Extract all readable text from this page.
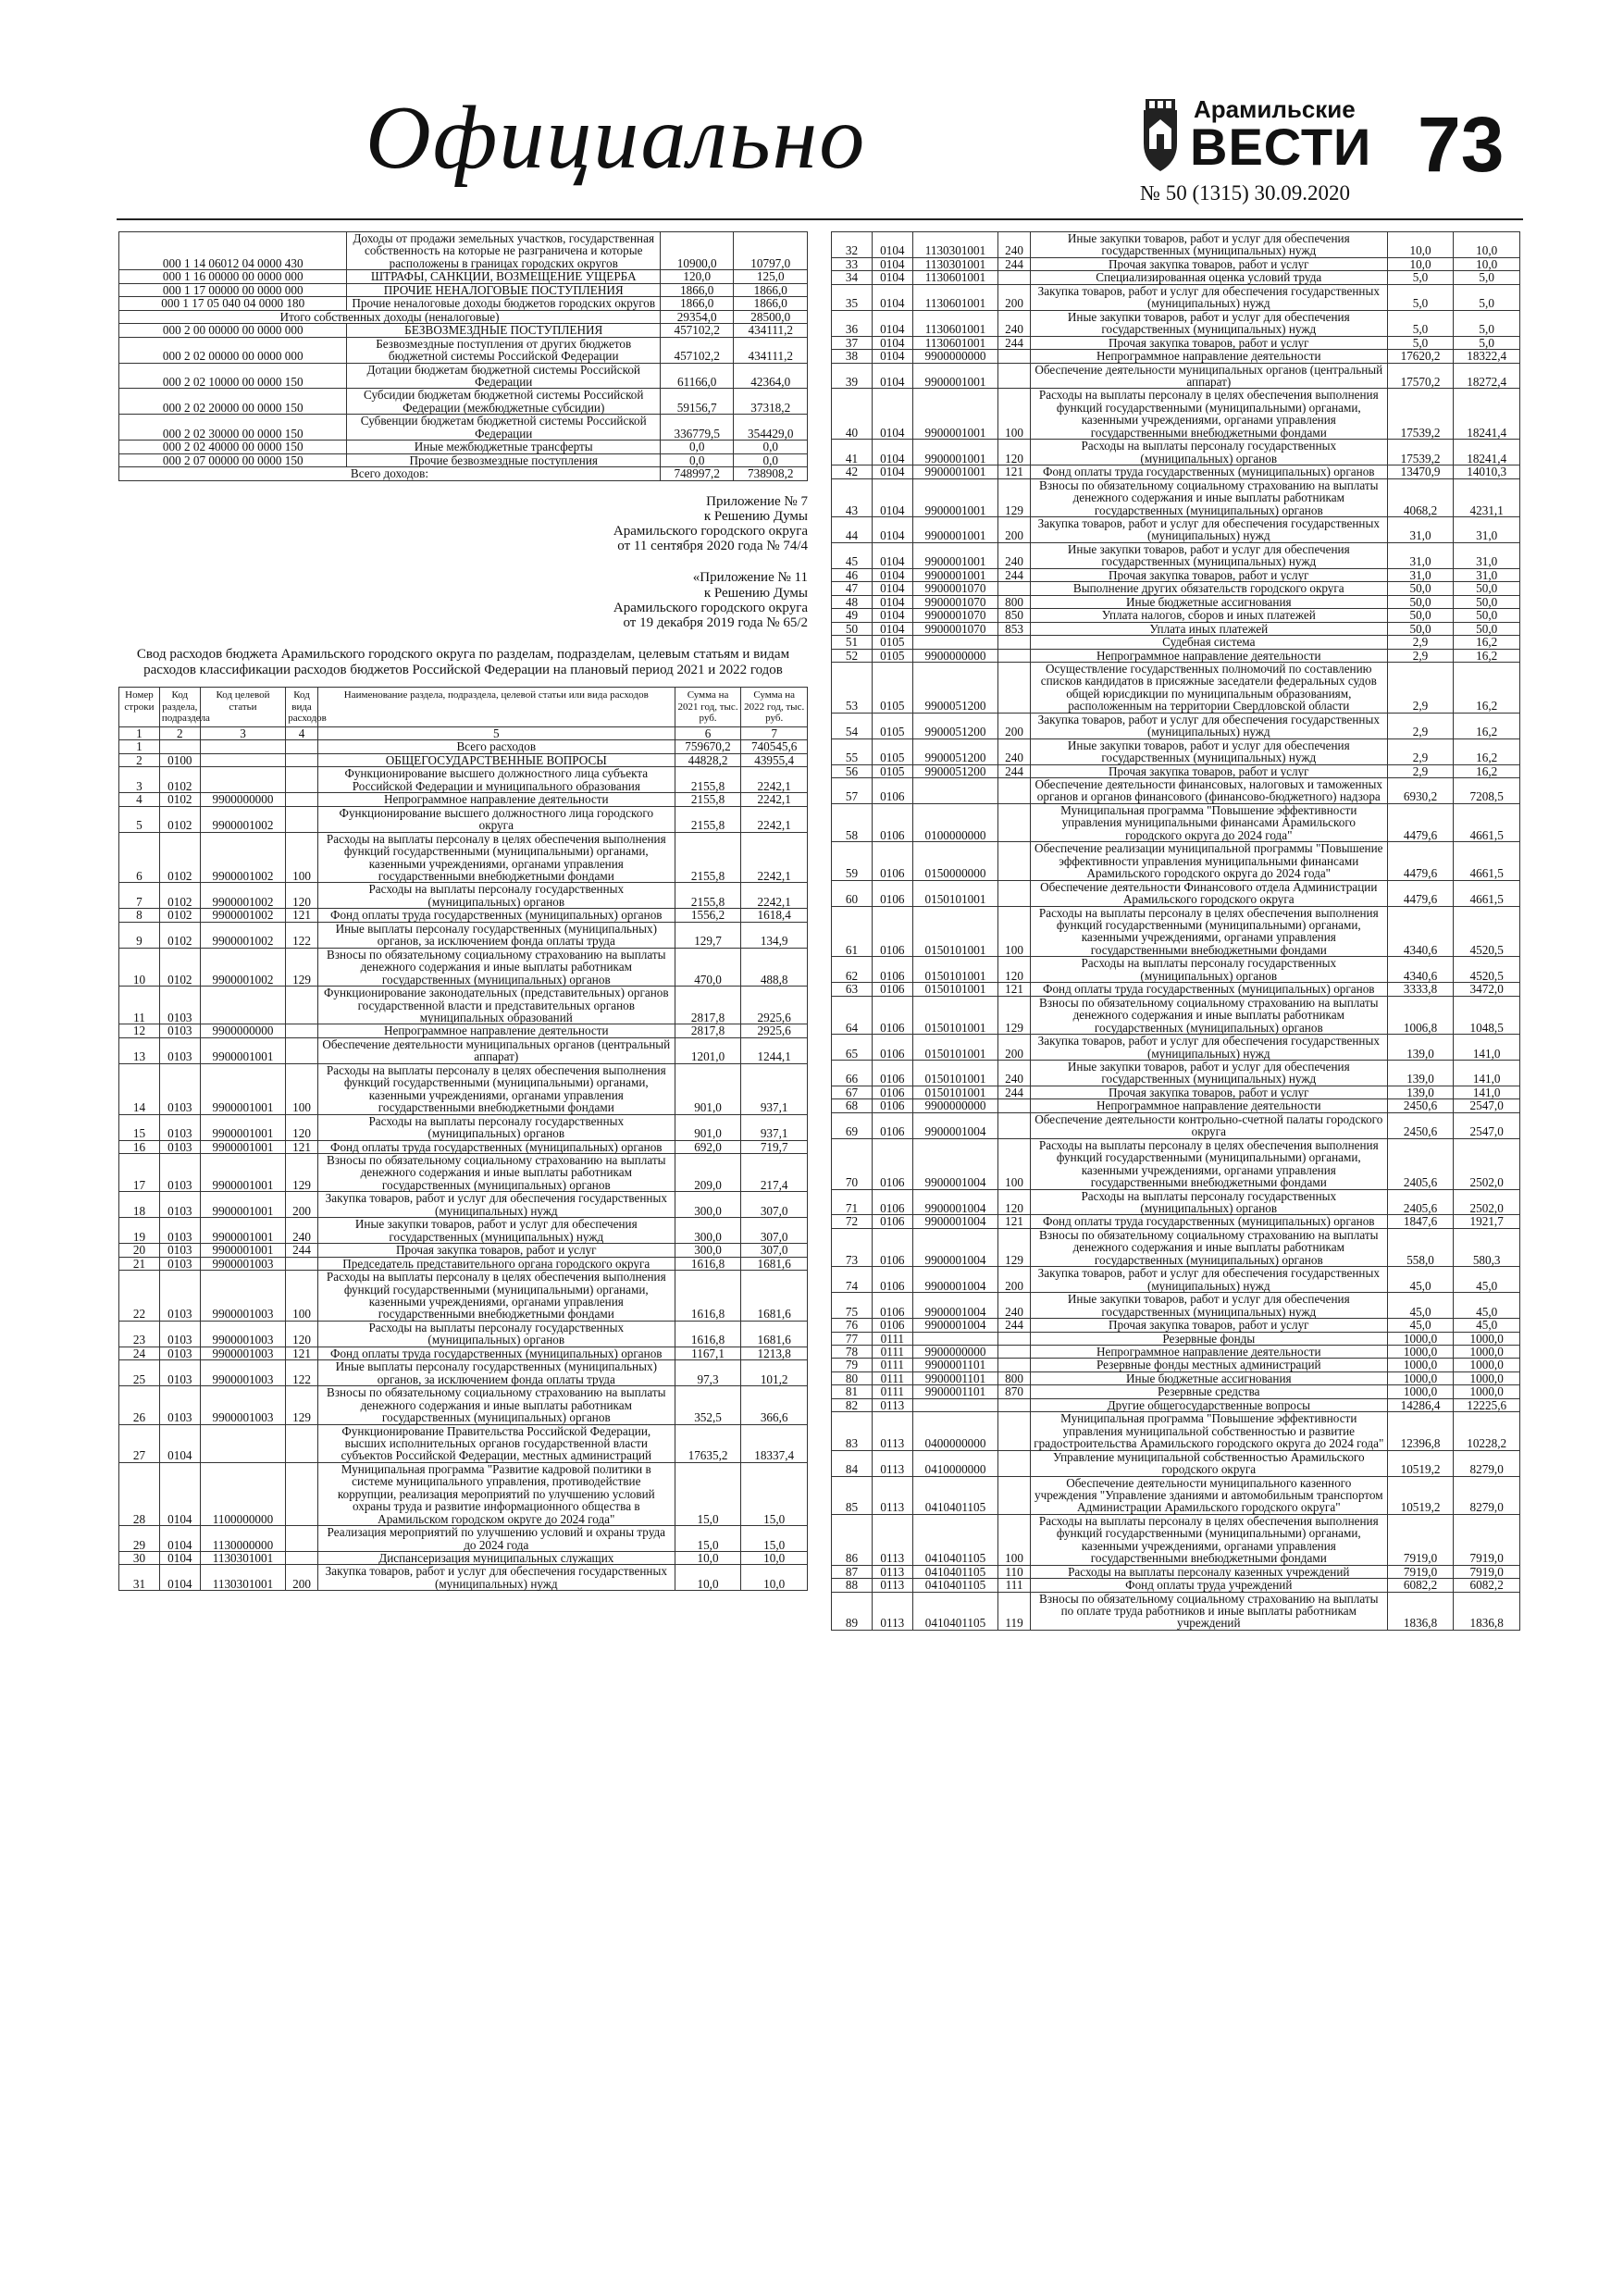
Официально	Арамильские
ВЕСТИ 73
№ 50 (1315) 30.09.2020
000 1 14 06012 04 0000 430	Доходы от продажи земельных участков, государственная собственность на которые не разграничена и которые расположены в границах городских округов	10900,0	10797,0
000 1 16 00000 00 0000 000	ШТРАФЫ, САНКЦИИ, ВОЗМЕЩЕНИЕ УЩЕРБА	120,0	125,0
000 1 17 00000 00 0000 000	ПРОЧИЕ НЕНАЛОГОВЫЕ ПОСТУПЛЕНИЯ	1866,0	1866,0
000 1 17 05 040 04 0000 180	Прочие неналоговые доходы бюджетов городских округов	1866,0	1866,0
Итого собственных доходы (неналоговые)		29354,0	28500,0
000 2 00 00000 00 0000 000	БЕЗВОЗМЕЗДНЫЕ ПОСТУПЛЕНИЯ	457102,2	434111,2
000 2 02 00000 00 0000 000	Безвозмездные поступления от других бюджетов бюджетной системы Российской Федерации	457102,2	434111,2
000 2 02 10000 00 0000 150	Дотации бюджетам бюджетной системы Российской Федерации	61166,0	42364,0
000 2 02 20000 00 0000 150	Субсидии бюджетам бюджетной системы Российской Федерации (межбюджетные субсидии)	59156,7	37318,2
000 2 02 30000 00 0000 150	Субвенции бюджетам бюджетной системы Российской Федерации	336779,5	354429,0
000 2 02 40000 00 0000 150	Иные межбюджетные трансферты	0,0	0,0
000 2 07 00000 00 0000 150	Прочие безвозмездные поступления	0,0	0,0
Всего доходов:		748997,2	738908,2

Приложение № 7

к Решению Думы

Арамильского городского округа

от 11 сентября 2020 года № 74/4

«Приложение № 11

к Решению Думы

Арамильского городского округа

от 19 декабря 2019 года № 65/2

Свод расходов бюджета Арамильского городского округа по разделам, подразделам, целевым статьям и видам расходов классификации расходов бюджетов Российской Федерации на плановый период 2021 и 2022 годов
Номер строки	Код раздела, подраздела	Код целевой статьи	Код вида расходов	Наименование раздела, подраздела, целевой статьи или вида расходов	Сумма на 2021 год, тыс. руб.	Сумма на 2022 год, тыс. руб.
1	2	3	4	5	6	7
1				Всего расходов	759670,2	740545,6
2	0100			ОБЩЕГОСУДАРСТВЕННЫЕ ВОПРОСЫ	44828,2	43955,4
3	0102			Функционирование высшего должностного лица субъекта Российской Федерации и муниципального образования	2155,8	2242,1
4	0102	9900000000		Непрограммное направление деятельности	2155,8	2242,1
5	0102	9900001002		Функционирование высшего должностного лица городского округа	2155,8	2242,1
6	0102	9900001002	100	Расходы на выплаты персоналу в целях обеспечения выполнения функций государственными (муниципальными) органами, казенными учреждениями, органами управления государственными внебюджетными фондами	2155,8	2242,1
7	0102	9900001002	120	Расходы на выплаты персоналу государственных (муниципальных) органов	2155,8	2242,1
8	0102	9900001002	121	Фонд оплаты труда государственных (муниципальных) органов	1556,2	1618,4
9	0102	9900001002	122	Иные выплаты персоналу государственных (муниципальных) органов, за исключением фонда оплаты труда	129,7	134,9
10	0102	9900001002	129	Взносы по обязательному социальному страхованию на выплаты денежного содержания и иные выплаты работникам государственных (муниципальных) органов	470,0	488,8
11	0103			Функционирование законодательных (представительных) органов государственной власти и представительных органов муниципальных образований	2817,8	2925,6
12	0103	9900000000		Непрограммное направление деятельности	2817,8	2925,6
13	0103	9900001001		Обеспечение деятельности муниципальных органов (центральный аппарат)	1201,0	1244,1
14	0103	9900001001	100	Расходы на выплаты персоналу в целях обеспечения выполнения функций государственными (муниципальными) органами, казенными учреждениями, органами управления государственными внебюджетными фондами	901,0	937,1
15	0103	9900001001	120	Расходы на выплаты персоналу государственных (муниципальных) органов	901,0	937,1
16	0103	9900001001	121	Фонд оплаты труда государственных (муниципальных) органов	692,0	719,7
17	0103	9900001001	129	Взносы по обязательному социальному страхованию на выплаты денежного содержания и иные выплаты работникам государственных (муниципальных) органов	209,0	217,4
18	0103	9900001001	200	Закупка товаров, работ и услуг для обеспечения государственных (муниципальных) нужд	300,0	307,0
19	0103	9900001001	240	Иные закупки товаров, работ и услуг для обеспечения государственных (муниципальных) нужд	300,0	307,0
20	0103	9900001001	244	Прочая закупка товаров, работ и услуг	300,0	307,0
21	0103	9900001003		Председатель представительного органа городского округа	1616,8	1681,6
22	0103	9900001003	100	Расходы на выплаты персоналу в целях обеспечения выполнения функций государственными (муниципальными) органами, казенными учреждениями, органами управления государственными внебюджетными фондами	1616,8	1681,6
23	0103	9900001003	120	Расходы на выплаты персоналу государственных (муниципальных) органов	1616,8	1681,6
24	0103	9900001003	121	Фонд оплаты труда государственных (муниципальных) органов	1167,1	1213,8
25	0103	9900001003	122	Иные выплаты персоналу государственных (муниципальных) органов, за исключением фонда оплаты труда	97,3	101,2
26	0103	9900001003	129	Взносы по обязательному социальному страхованию на выплаты денежного содержания и иные выплаты работникам государственных (муниципальных) органов	352,5	366,6
27	0104			Функционирование Правительства Российской Федерации, высших исполнительных органов государственной власти субъектов Российской Федерации, местных администраций	17635,2	18337,4
28	0104	1100000000		Муниципальная программа "Развитие кадровой политики в системе муниципального управления, противодействие коррупции, реализация мероприятий по улучшению условий охраны труда и развитие информационного общества в Арамильском городском округе до 2024 года"	15,0	15,0
29	0104	1130000000		Реализация мероприятий по улучшению условий и охраны труда до 2024 года	15,0	15,0
30	0104	1130301001		Диспансеризация муниципальных служащих	10,0	10,0
31	0104	1130301001	200	Закупка товаров, работ и услуг для обеспечения государственных (муниципальных) нужд	10,0	10,0
32	0104	1130301001	240	Иные закупки товаров, работ и услуг для обеспечения государственных (муниципальных) нужд	10,0	10,0
33	0104	1130301001	244	Прочая закупка товаров, работ и услуг	10,0	10,0
34	0104	1130601001		Специализированная оценка условий труда	5,0	5,0
35	0104	1130601001	200	Закупка товаров, работ и услуг для обеспечения государственных (муниципальных) нужд	5,0	5,0
36	0104	1130601001	240	Иные закупки товаров, работ и услуг для обеспечения государственных (муниципальных) нужд	5,0	5,0
37	0104	1130601001	244	Прочая закупка товаров, работ и услуг	5,0	5,0
38	0104	9900000000		Непрограммное направление деятельности	17620,2	18322,4
39	0104	9900001001		Обеспечение деятельности муниципальных органов (центральный аппарат)	17570,2	18272,4
40	0104	9900001001	100	Расходы на выплаты персоналу в целях обеспечения выполнения функций государственными (муниципальными) органами, казенными учреждениями, органами управления государственными внебюджетными фондами	17539,2	18241,4
41	0104	9900001001	120	Расходы на выплаты персоналу государственных (муниципальных) органов	17539,2	18241,4
42	0104	9900001001	121	Фонд оплаты труда государственных (муниципальных) органов	13470,9	14010,3
43	0104	9900001001	129	Взносы по обязательному социальному страхованию на выплаты денежного содержания и иные выплаты работникам государственных (муниципальных) органов	4068,2	4231,1
44	0104	9900001001	200	Закупка товаров, работ и услуг для обеспечения государственных (муниципальных) нужд	31,0	31,0
45	0104	9900001001	240	Иные закупки товаров, работ и услуг для обеспечения государственных (муниципальных) нужд	31,0	31,0
46	0104	9900001001	244	Прочая закупка товаров, работ и услуг	31,0	31,0
47	0104	9900001070		Выполнение других обязательств городского округа	50,0	50,0
48	0104	9900001070	800	Иные бюджетные ассигнования	50,0	50,0
49	0104	9900001070	850	Уплата налогов, сборов и иных платежей	50,0	50,0
50	0104	9900001070	853	Уплата иных платежей	50,0	50,0
51	0105			Судебная система	2,9	16,2
52	0105	9900000000		Непрограммное направление деятельности	2,9	16,2
53	0105	9900051200		Осуществление государственных полномочий по составлению списков кандидатов в присяжные заседатели федеральных судов общей юрисдикции по муниципальным образованиям, расположенным на территории Свердловской области	2,9	16,2
54	0105	9900051200	200	Закупка товаров, работ и услуг для обеспечения государственных (муниципальных) нужд	2,9	16,2
55	0105	9900051200	240	Иные закупки товаров, работ и услуг для обеспечения государственных (муниципальных) нужд	2,9	16,2
56	0105	9900051200	244	Прочая закупка товаров, работ и услуг	2,9	16,2
57	0106			Обеспечение деятельности финансовых, налоговых и таможенных органов и органов финансового (финансово-бюджетного) надзора	6930,2	7208,5
58	0106	0100000000		Муниципальная программа "Повышение эффективности управления муниципальными финансами Арамильского городского округа до 2024 года"	4479,6	4661,5
59	0106	0150000000		Обеспечение реализации муниципальной программы "Повышение эффективности управления муниципальными финансами Арамильского городского округа до 2024 года"	4479,6	4661,5
60	0106	0150101001		Обеспечение деятельности Финансового отдела Администрации Арамильского городского округа	4479,6	4661,5
61	0106	0150101001	100	Расходы на выплаты персоналу в целях обеспечения выполнения функций государственными (муниципальными) органами, казенными учреждениями, органами управления государственными внебюджетными фондами	4340,6	4520,5
62	0106	0150101001	120	Расходы на выплаты персоналу государственных (муниципальных) органов	4340,6	4520,5
63	0106	0150101001	121	Фонд оплаты труда государственных (муниципальных) органов	3333,8	3472,0
64	0106	0150101001	129	Взносы по обязательному социальному страхованию на выплаты денежного содержания и иные выплаты работникам государственных (муниципальных) органов	1006,8	1048,5
65	0106	0150101001	200	Закупка товаров, работ и услуг для обеспечения государственных (муниципальных) нужд	139,0	141,0
66	0106	0150101001	240	Иные закупки товаров, работ и услуг для обеспечения государственных (муниципальных) нужд	139,0	141,0
67	0106	0150101001	244	Прочая закупка товаров, работ и услуг	139,0	141,0
68	0106	9900000000		Непрограммное направление деятельности	2450,6	2547,0
69	0106	9900001004		Обеспечение деятельности контрольно-счетной палаты городского округа	2450,6	2547,0
70	0106	9900001004	100	Расходы на выплаты персоналу в целях обеспечения выполнения функций государственными (муниципальными) органами, казенными учреждениями, органами управления государственными внебюджетными фондами	2405,6	2502,0
71	0106	9900001004	120	Расходы на выплаты персоналу государственных (муниципальных) органов	2405,6	2502,0
72	0106	9900001004	121	Фонд оплаты труда государственных (муниципальных) органов	1847,6	1921,7
73	0106	9900001004	129	Взносы по обязательному социальному страхованию на выплаты денежного содержания и иные выплаты работникам государственных (муниципальных) органов	558,0	580,3
74	0106	9900001004	200	Закупка товаров, работ и услуг для обеспечения государственных (муниципальных) нужд	45,0	45,0
75	0106	9900001004	240	Иные закупки товаров, работ и услуг для обеспечения государственных (муниципальных) нужд	45,0	45,0
76	0106	9900001004	244	Прочая закупка товаров, работ и услуг	45,0	45,0
77	0111			Резервные фонды	1000,0	1000,0
78	0111	9900000000		Непрограммное направление деятельности	1000,0	1000,0
79	0111	9900001101		Резервные фонды местных администраций	1000,0	1000,0
80	0111	9900001101	800	Иные бюджетные ассигнования	1000,0	1000,0
81	0111	9900001101	870	Резервные средства	1000,0	1000,0
82	0113			Другие общегосударственные вопросы	14286,4	12225,6
83	0113	0400000000		Муниципальная программа "Повышение эффективности управления муниципальной собственностью и развитие градостроительства Арамильского городского округа до 2024 года"	12396,8	10228,2
84	0113	0410000000		Управление муниципальной собственностью Арамильского городского округа	10519,2	8279,0
85	0113	0410401105		Обеспечение деятельности муниципального казенного учреждения "Управление зданиями и автомобильным транспортом Администрации Арамильского городского округа"	10519,2	8279,0
86	0113	0410401105	100	Расходы на выплаты персоналу в целях обеспечения выполнения функций государственными (муниципальными) органами, казенными учреждениями, органами управления государственными внебюджетными фондами	7919,0	7919,0
87	0113	0410401105	110	Расходы на выплаты персоналу казенных учреждений	7919,0	7919,0
88	0113	0410401105	111	Фонд оплаты труда учреждений	6082,2	6082,2
89	0113	0410401105	119	Взносы по обязательному социальному страхованию на выплаты по оплате труда работников и иные выплаты работникам учреждений	1836,8	1836,8
